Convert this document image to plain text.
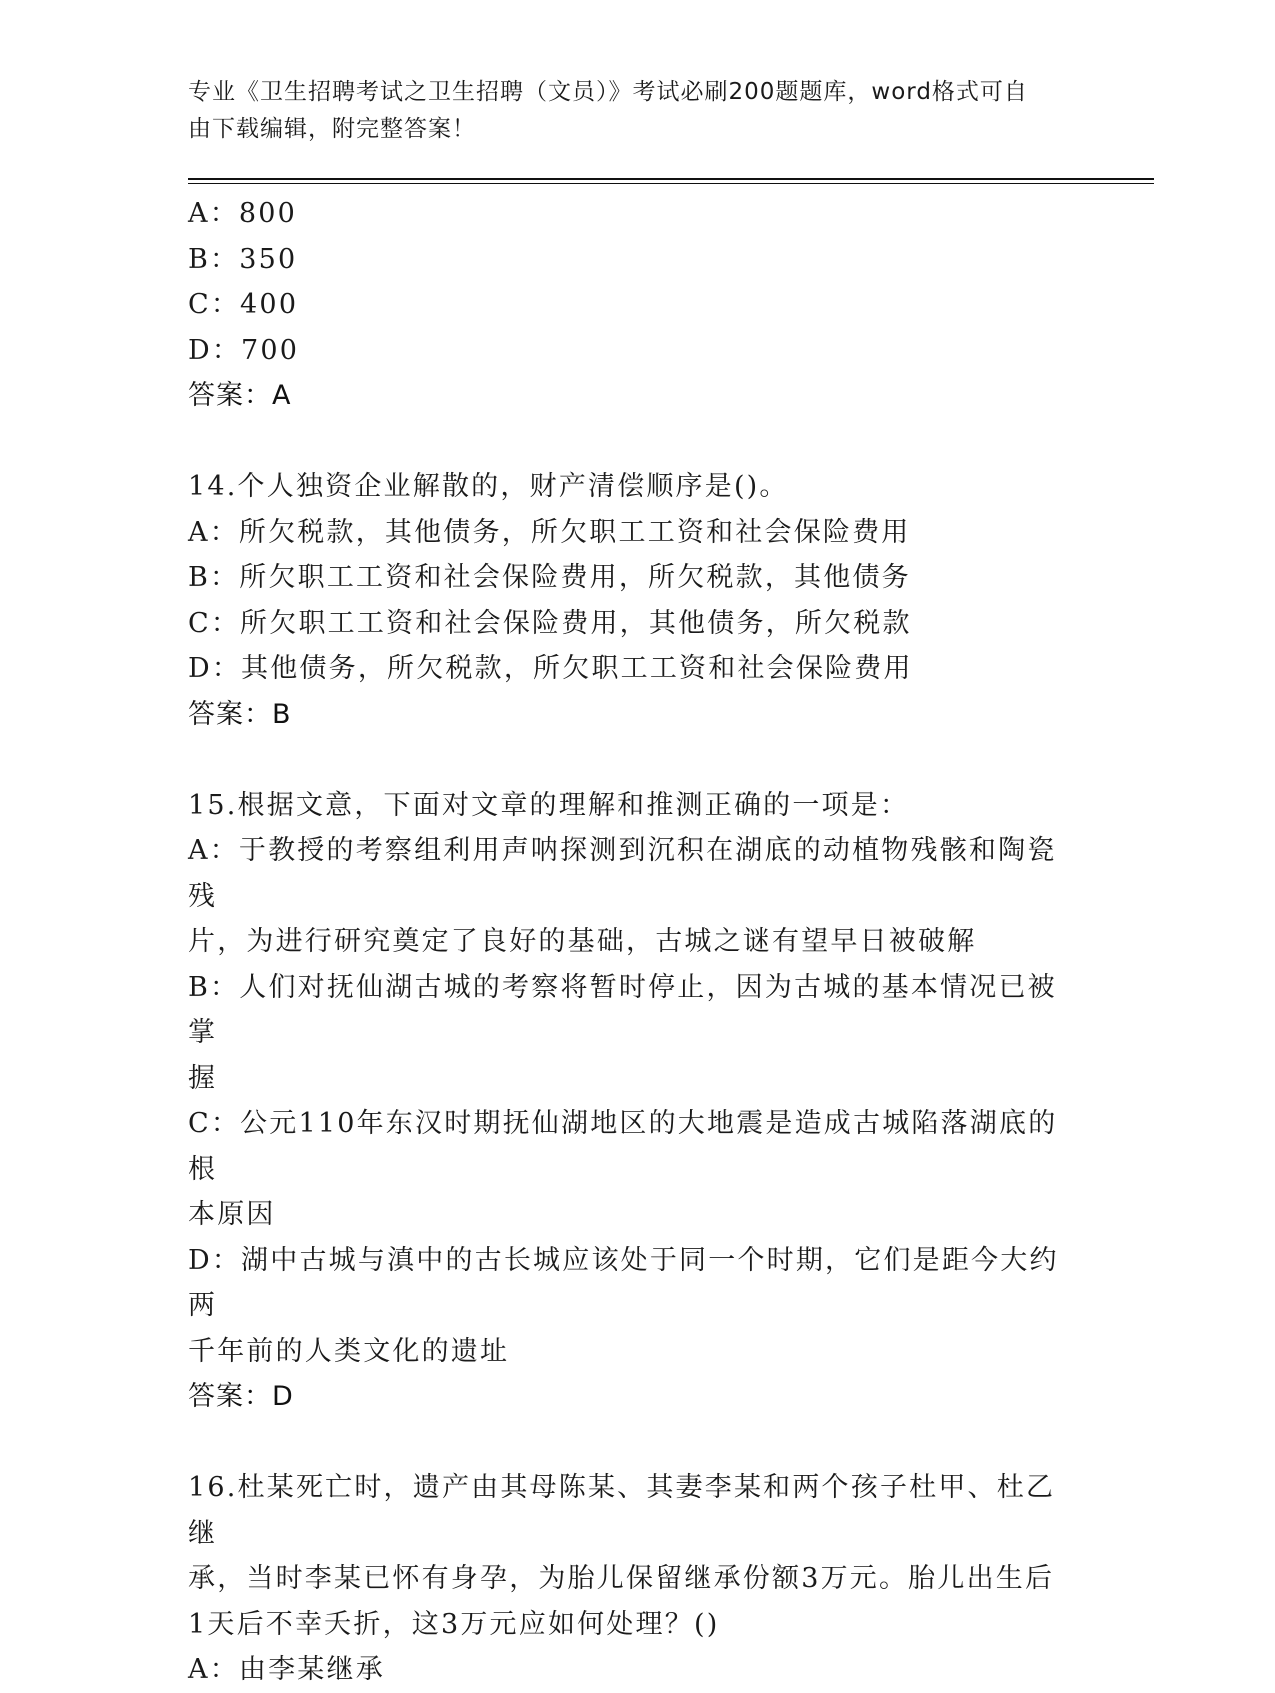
专业《卫生招聘考试之卫生招聘（文员）》考试必刷200题题库，word格式可自
由下载编辑，附完整答案！
A：800
B：350
C：400
D：700
答案：A
14.个人独资企业解散的，财产清偿顺序是()。
A：所欠税款，其他债务，所欠职工工资和社会保险费用
B：所欠职工工资和社会保险费用，所欠税款，其他债务
C：所欠职工工资和社会保险费用，其他债务，所欠税款
D：其他债务，所欠税款，所欠职工工资和社会保险费用
答案：B
15.根据文意，下面对文章的理解和推测正确的一项是：
A：于教授的考察组利用声呐探测到沉积在湖底的动植物残骸和陶瓷残
片，为进行研究奠定了良好的基础，古城之谜有望早日被破解
B：人们对抚仙湖古城的考察将暂时停止，因为古城的基本情况已被掌
握
C：公元110年东汉时期抚仙湖地区的大地震是造成古城陷落湖底的根
本原因
D：湖中古城与滇中的古长城应该处于同一个时期，它们是距今大约两
千年前的人类文化的遗址
答案：D
16.杜某死亡时，遗产由其母陈某、其妻李某和两个孩子杜甲、杜乙继
承，当时李某已怀有身孕，为胎儿保留继承份额3万元。胎儿出生后
1天后不幸夭折，这3万元应如何处理？()
A：由李某继承
